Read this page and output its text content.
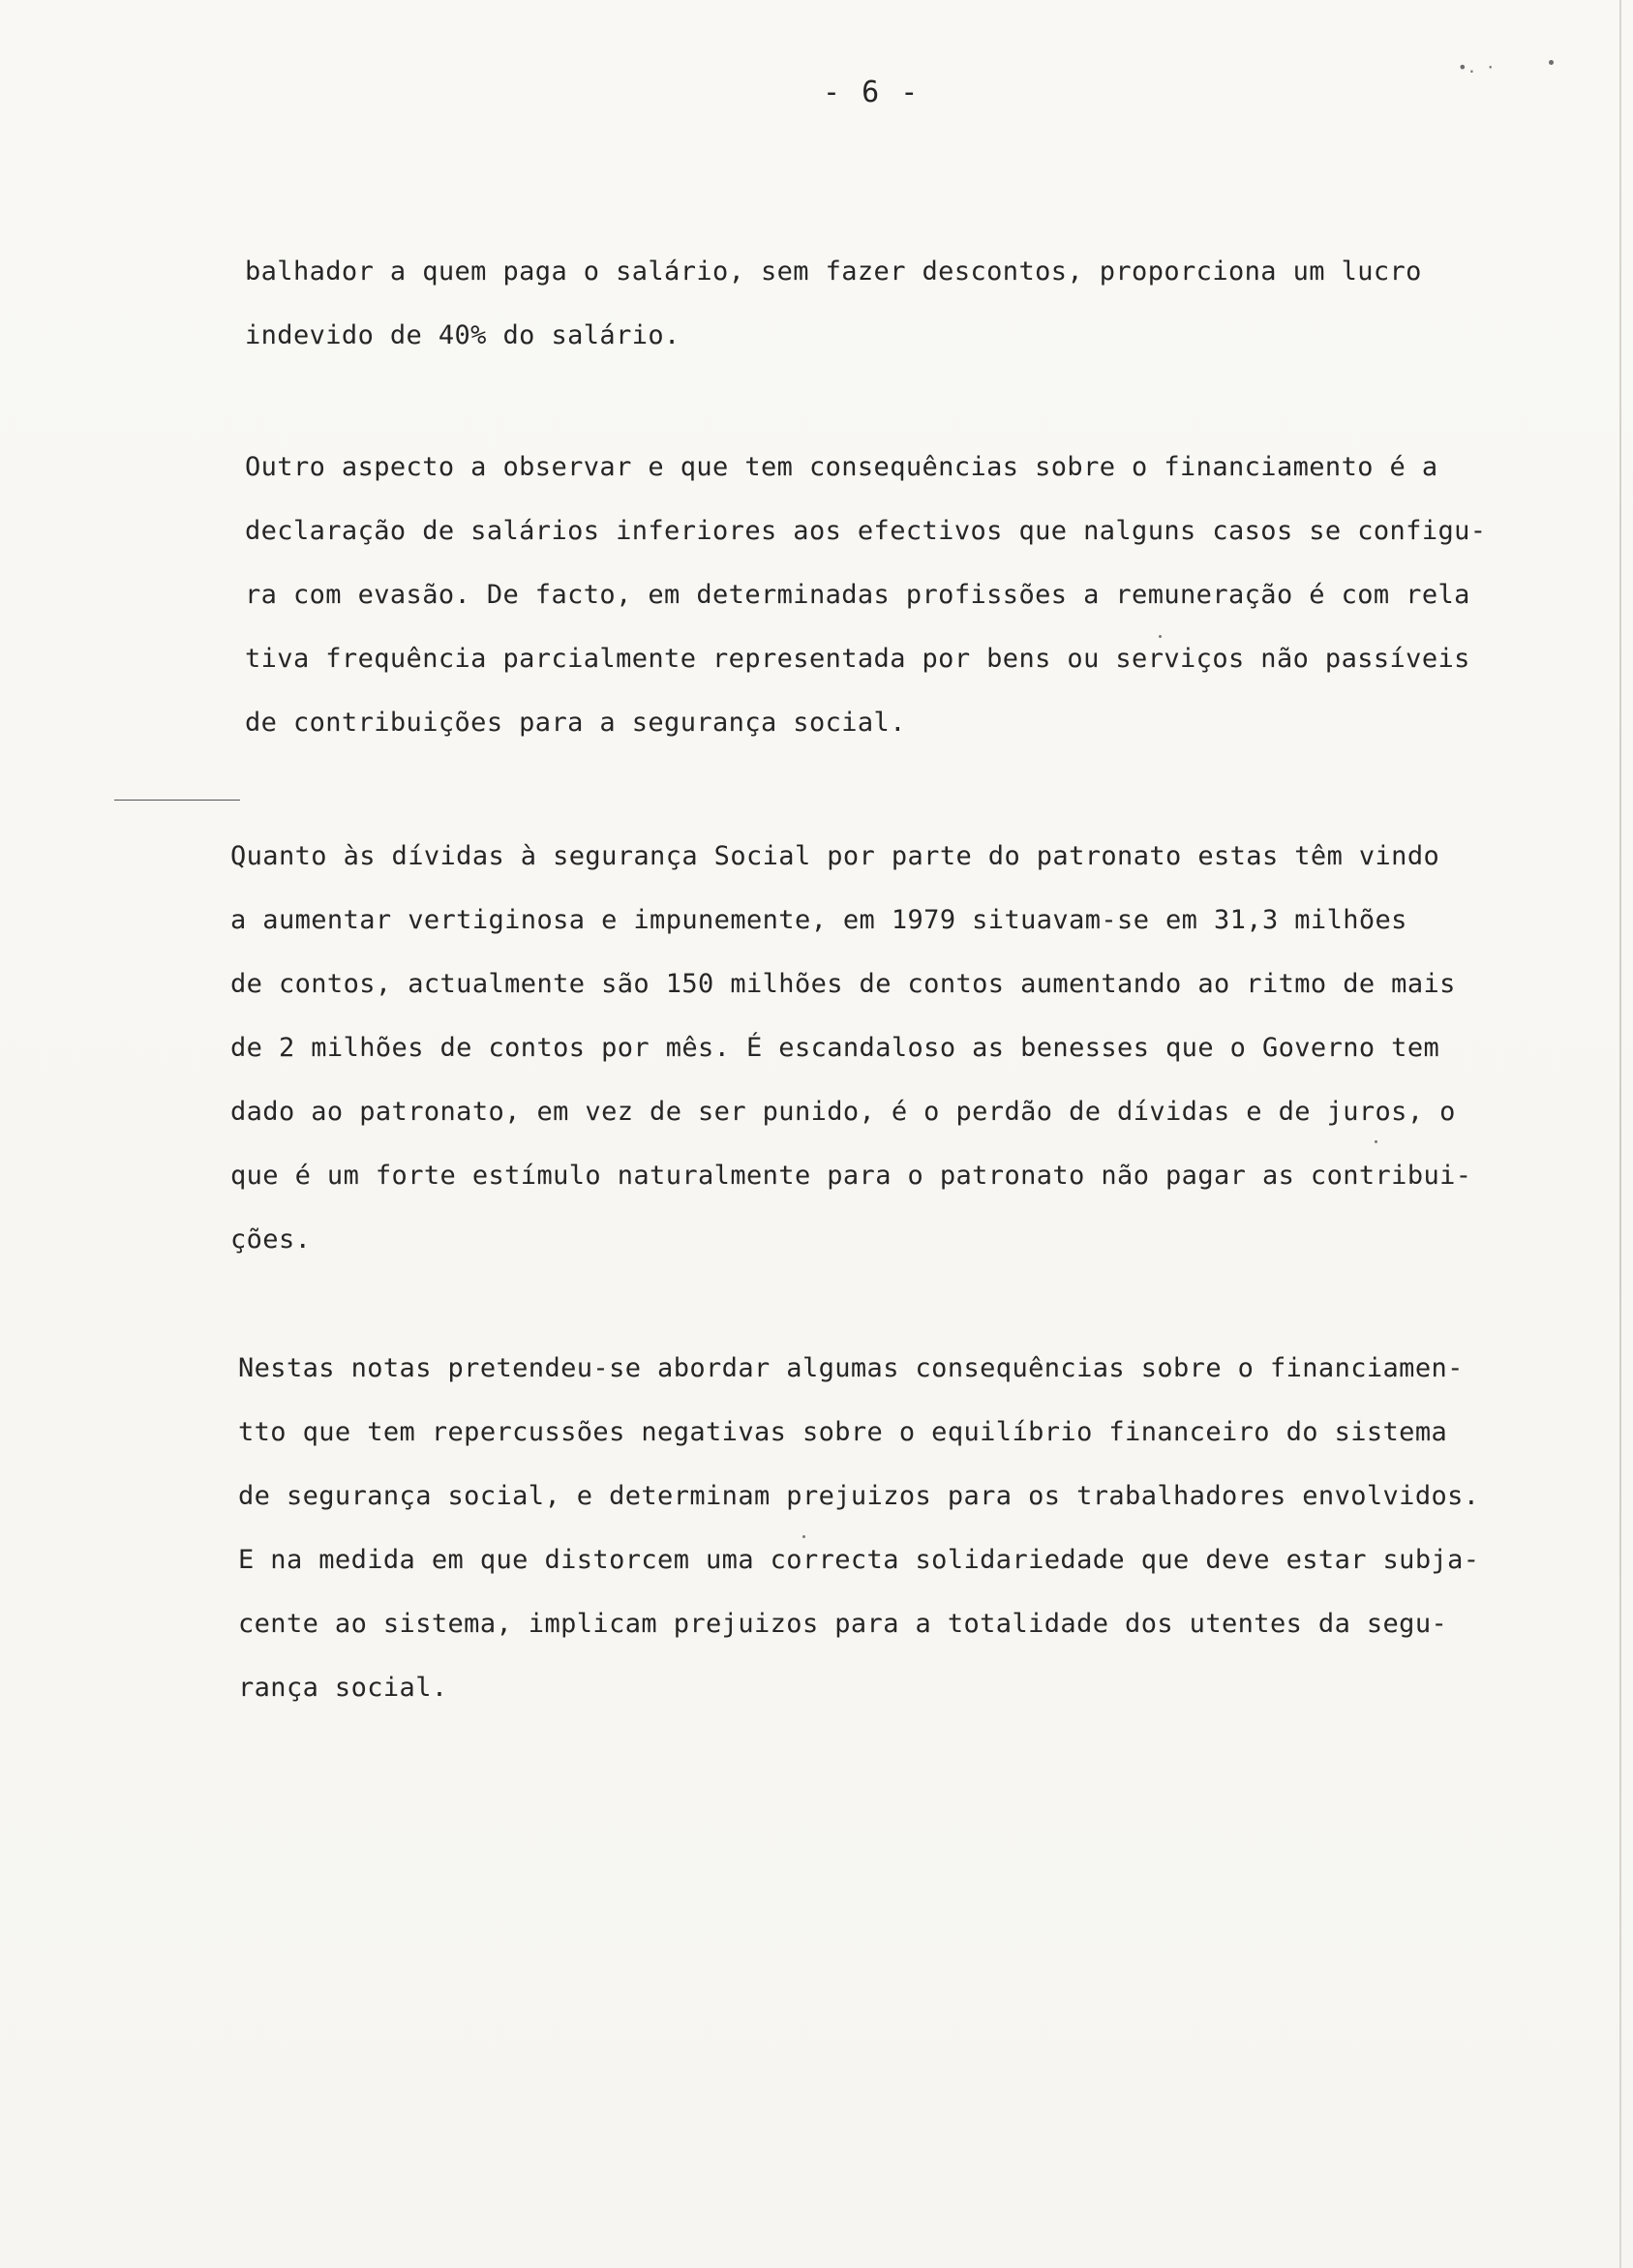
- 6 -
•. ·
balhador a quem paga o salário, sem fazer descontos, proporciona um lucro
indevido de 40% do salário.
Outro aspecto a observar e que tem consequências sobre o financiamento é a
declaração de salários inferiores aos efectivos que nalguns casos se configu-
ra com evasão. De facto, em determinadas profissões a remuneração é com rela
tiva frequência parcialmente representada por bens ou serviços não passíveis
de contribuições para a segurança social.
Quanto às dívidas à segurança Social por parte do patronato estas têm vindo
a aumentar vertiginosa e impunemente, em 1979 situavam-se em 31,3 milhões
de contos, actualmente são 150 milhões de contos aumentando ao ritmo de mais
de 2 milhões de contos por mês. É escandaloso as benesses que o Governo tem
dado ao patronato, em vez de ser punido, é o perdão de dívidas e de juros, o
que é um forte estímulo naturalmente para o patronato não pagar as contribui-
ções.
Nestas notas pretendeu-se abordar algumas consequências sobre o financiamen-
tto que tem repercussões negativas sobre o equilíbrio financeiro do sistema
de segurança social, e determinam prejuizos para os trabalhadores envolvidos.
E na medida em que distorcem uma correcta solidariedade que deve estar subja-
cente ao sistema, implicam prejuizos para a totalidade dos utentes da segu-
rança social.
